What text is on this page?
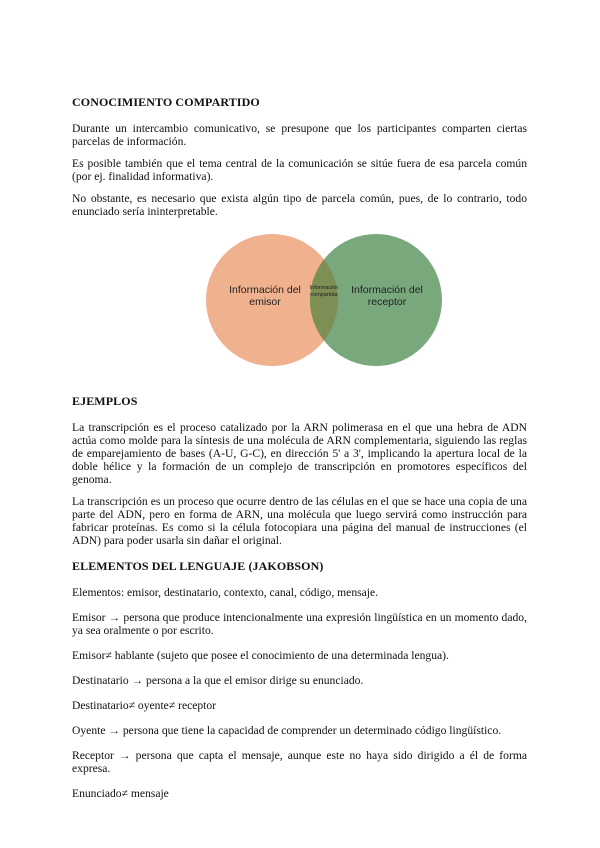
CONOCIMIENTO COMPARTIDO

Durante un intercambio comunicativo, se presupone que los participantes comparten ciertas parcelas de información.

Es posible también que el tema central de la comunicación se sitúe fuera de esa parcela común (por ej. finalidad informativa).

No obstante, es necesario que exista algún tipo de parcela común, pues, de lo contrario, todo enunciado sería ininterpretable.

Información del emisor
Información del receptor
Información compartida
EJEMPLOS

La transcripción es el proceso catalizado por la ARN polimerasa en el que una hebra de ADN actúa como molde para la síntesis de una molécula de ARN complementaria, siguiendo las reglas de emparejamiento de bases (A-U, G-C), en dirección 5' a 3', implicando la apertura local de la doble hélice y la formación de un complejo de transcripción en promotores específicos del genoma.

La transcripción es un proceso que ocurre dentro de las células en el que se hace una copia de una parte del ADN, pero en forma de ARN, una molécula que luego servirá como instrucción para fabricar proteínas. Es como si la célula fotocopiara una página del manual de instrucciones (el ADN) para poder usarla sin dañar el original.

ELEMENTOS DEL LENGUAJE (JAKOBSON)

Elementos: emisor, destinatario, contexto, canal, código, mensaje.

Emisor → persona que produce intencionalmente una expresión lingüística en un momento dado, ya sea oralmente o por escrito.

Emisor≠ hablante (sujeto que posee el conocimiento de una determinada lengua).

Destinatario → persona a la que el emisor dirige su enunciado.

Destinatario≠ oyente≠ receptor

Oyente → persona que tiene la capacidad de comprender un determinado código lingüístico.

Receptor → persona que capta el mensaje, aunque este no haya sido dirigido a él de forma expresa.

Enunciado≠ mensaje
